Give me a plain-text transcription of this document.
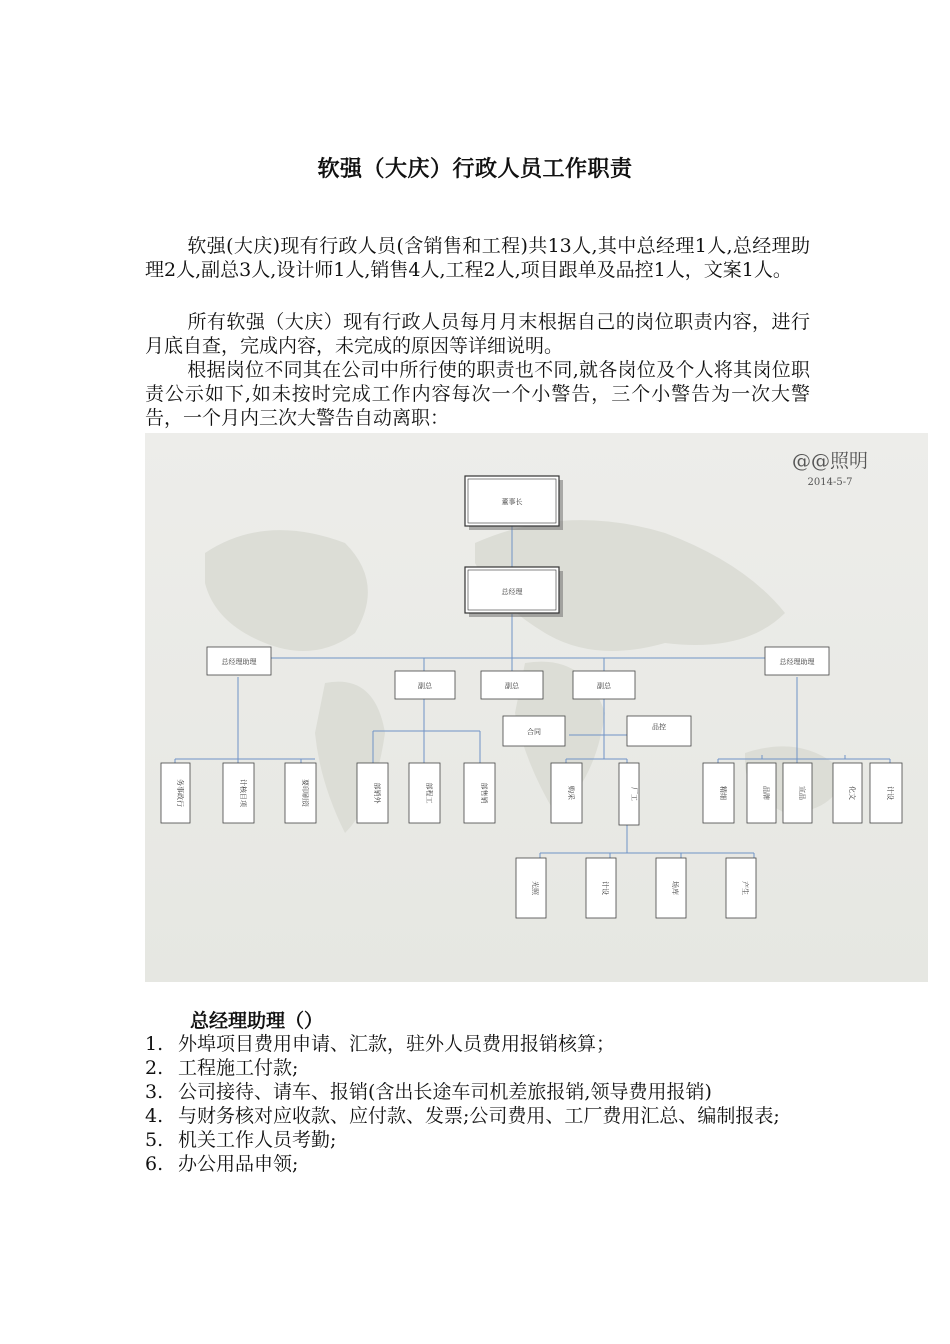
软强（大庆）行政人员工作职责
软强(大庆)现有行政人员(含销售和工程)共13人,其中总经理1人,总经理助理2人,副总3人,设计师1人,销售4人,工程2人,项目跟单及品控1人，文案1人。
所有软强（大庆）现有行政人员每月月末根据自己的岗位职责内容，进行月底自查，完成内容，未完成的原因等详细说明。
根据岗位不同其在公司中所行使的职责也不同,就各岗位及个人将其岗位职责公示如下,如未按时完成工作内容每次一个小警告，三个小警告为一次大警告，一个月内三次大警告自动离职：
@@照明
2014-5-7
董事长
总经理
总经理助理	总经理助理
副总	副总	副总
合同
品控
务事政行	计核目项	要印刷资	部销外	部程工	部售销	购采	厂工
光照	计设	场库	产生
精细	品牌	宣品	化文	计设
总经理助理（）
1. 外埠项目费用申请、汇款，驻外人员费用报销核算；
2. 工程施工付款;
3. 公司接待、请车、报销(含出长途车司机差旅报销,领导费用报销)
4. 与财务核对应收款、应付款、发票;公司费用、工厂费用汇总、编制报表;
5. 机关工作人员考勤;
6. 办公用品申领;
